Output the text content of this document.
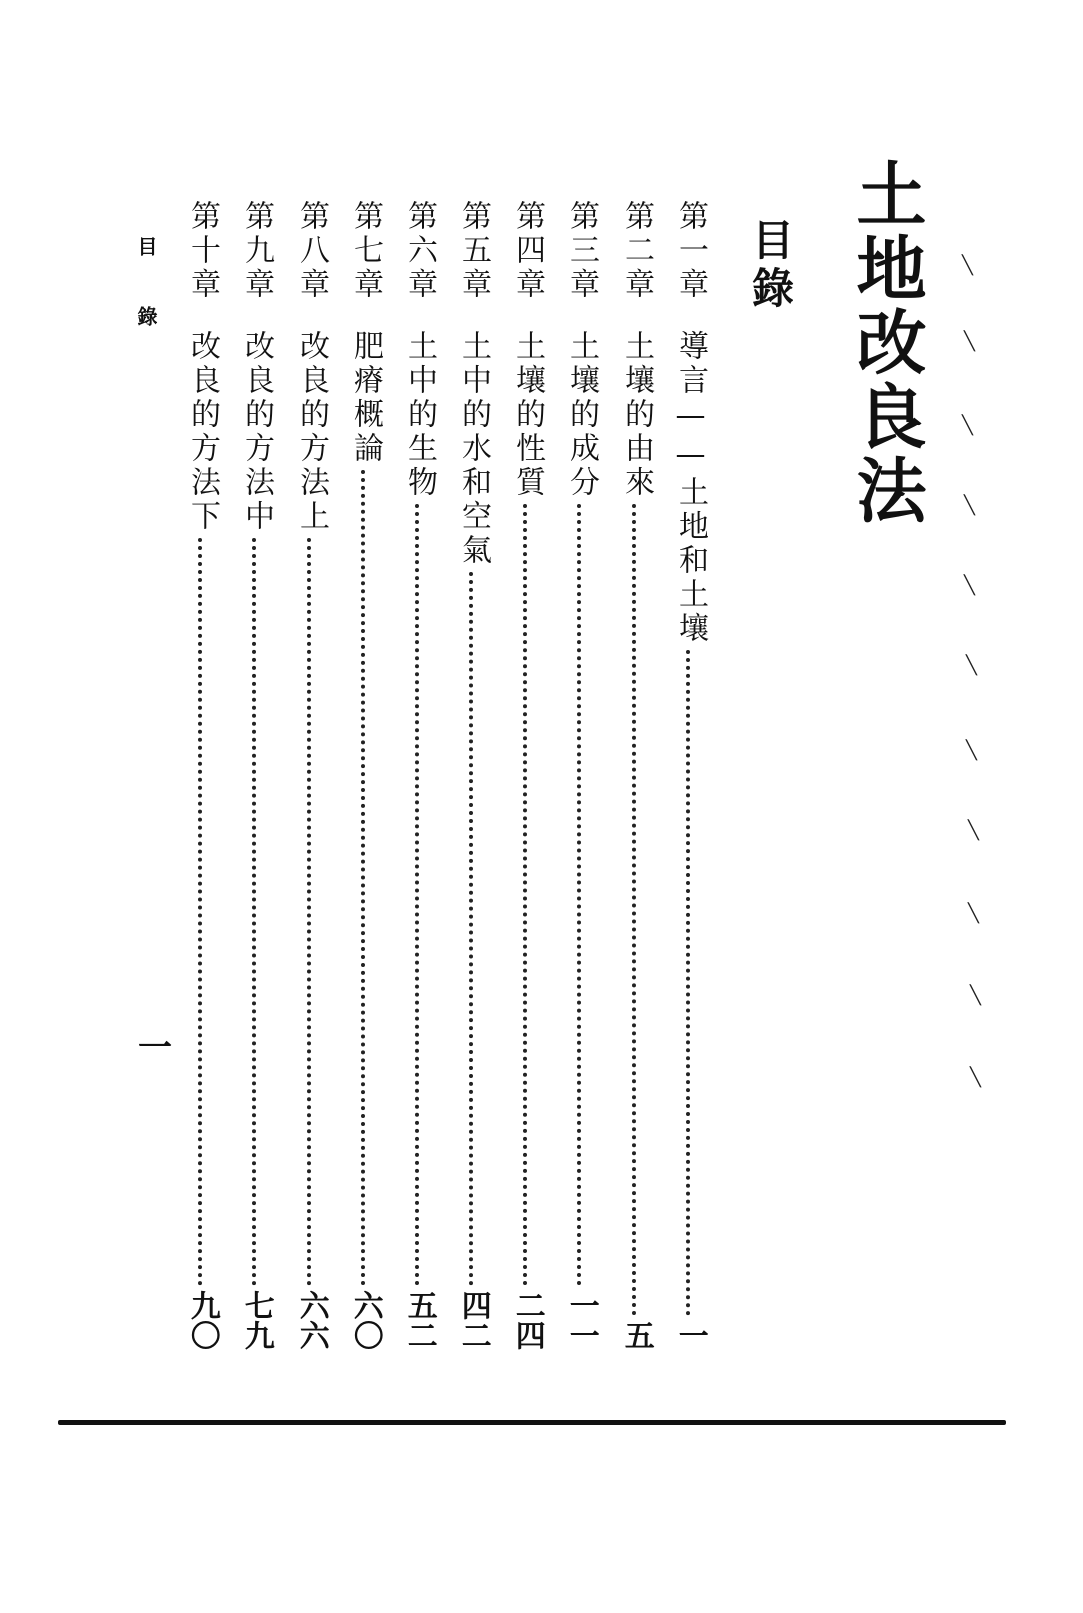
土地改良法
目錄
第一章
導言——土地和土壤
一
第二章
土壤的由來
五
第三章
土壤的成分
一一
第四章
土壤的性質
二四
第五章
土中的水和空氣
四二
第六章
土中的生物
五二
第七章
肥瘠概論
六〇
第八章
改良的方法上
六六
第九章
改良的方法中
七九
第十章
改良的方法下
九〇
目錄
一
╲
╲
╲
╲
╲
╲
╲
╲
╲
╲
╲
